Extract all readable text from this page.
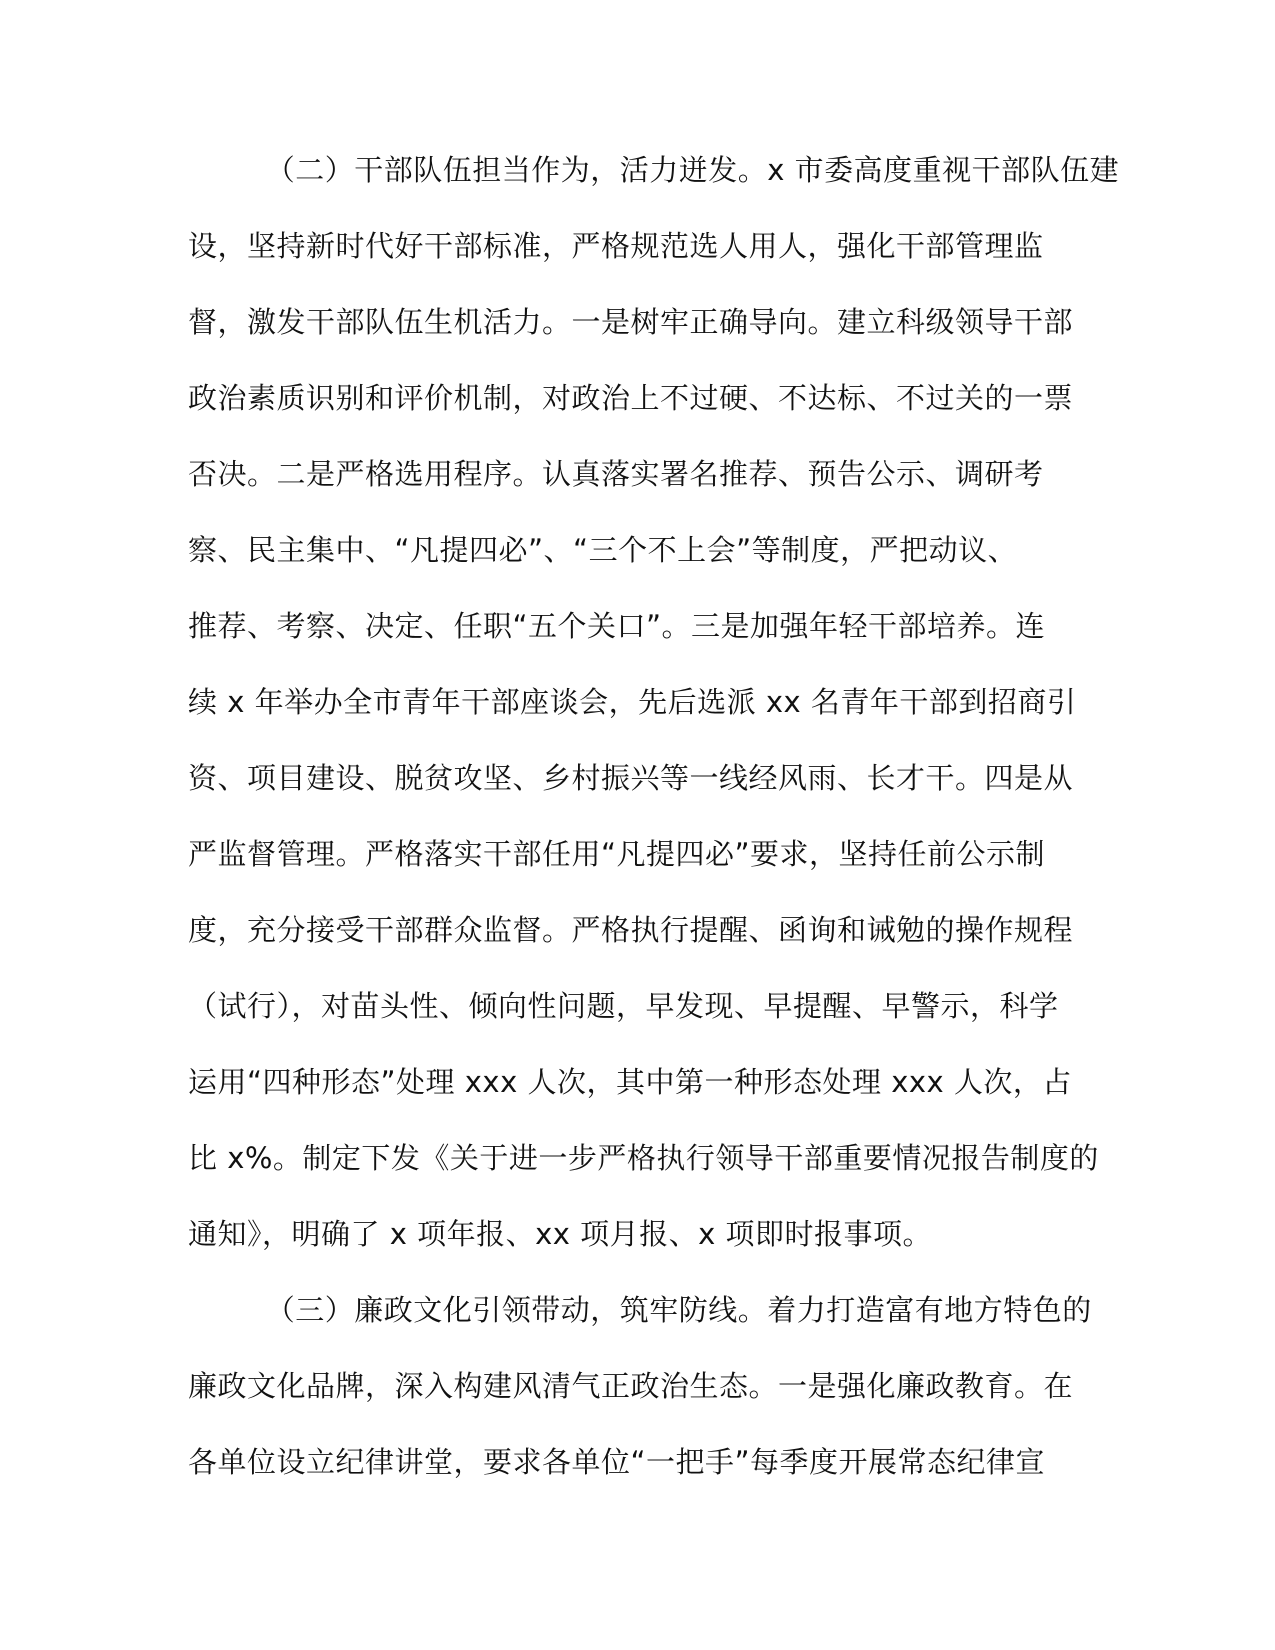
（二）干部队伍担当作为，活力迸发。x 市委高度重视干部队伍建
设，坚持新时代好干部标准，严格规范选人用人，强化干部管理监
督，激发干部队伍生机活力。一是树牢正确导向。建立科级领导干部
政治素质识别和评价机制，对政治上不过硬、不达标、不过关的一票
否决。二是严格选用程序。认真落实署名推荐、预告公示、调研考
察、民主集中、“凡提四必”、“三个不上会”等制度，严把动议、
推荐、考察、决定、任职“五个关口”。三是加强年轻干部培养。连
续 x 年举办全市青年干部座谈会，先后选派 xx 名青年干部到招商引
资、项目建设、脱贫攻坚、乡村振兴等一线经风雨、长才干。四是从
严监督管理。严格落实干部任用“凡提四必”要求，坚持任前公示制
度，充分接受干部群众监督。严格执行提醒、函询和诫勉的操作规程
（试行），对苗头性、倾向性问题，早发现、早提醒、早警示，科学
运用“四种形态”处理 xxx 人次，其中第一种形态处理 xxx 人次，占
比 x%。制定下发《关于进一步严格执行领导干部重要情况报告制度的
通知》，明确了 x 项年报、xx 项月报、x 项即时报事项。
（三）廉政文化引领带动，筑牢防线。着力打造富有地方特色的
廉政文化品牌，深入构建风清气正政治生态。一是强化廉政教育。在
各单位设立纪律讲堂，要求各单位“一把手”每季度开展常态纪律宣
